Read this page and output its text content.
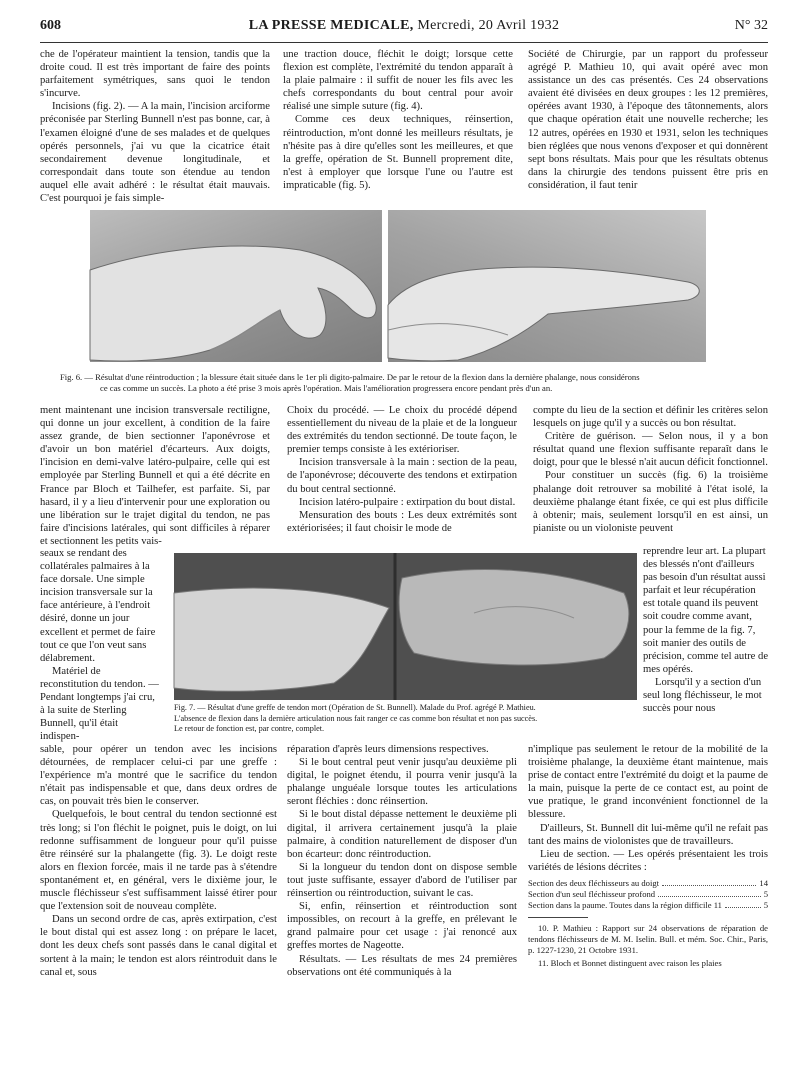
608	LA PRESSE MEDICALE, Mercredi, 20 Avril 1932	N° 32

che de l'opérateur maintient la tension, tandis que la droite coud. Il est très important de faire des points parfaitement symétriques, sans quoi le tendon s'incurve.

Incisions (fig. 2). — A la main, l'incision arciforme préconisée par Sterling Bunnell n'est pas bonne, car, à l'examen éloigné d'une de ses malades et de quelques opérés personnels, j'ai vu que la cicatrice était secondairement devenue longitudinale, et correspondait dans toute son étendue au tendon auquel elle avait adhéré : le résultat était mauvais. C'est pourquoi je fais simple-

une traction douce, fléchit le doigt; lorsque cette flexion est complète, l'extrémité du tendon apparaît à la plaie palmaire : il suffit de nouer les fils avec les chefs correspondants du bout central pour avoir réalisé une simple suture (fig. 4).

Comme ces deux techniques, réinsertion, réintroduction, m'ont donné les meilleurs résultats, je n'hésite pas à dire qu'elles sont les meilleures, et que la greffe, opération de St. Bunnell proprement dite, n'est à employer que lorsque l'une ou l'autre est impraticable (fig. 5).

Société de Chirurgie, par un rapport du professeur agrégé P. Mathieu 10, qui avait opéré avec mon assistance un des cas présentés. Ces 24 observations avaient été divisées en deux groupes : les 12 premières, opérées avant 1930, à l'époque des tâtonnements, alors que chaque opération était une nouvelle recherche; les 12 autres, opérées en 1930 et 1931, selon les techniques bien réglées que nous venons d'exposer et qui donnèrent sept bons résultats. Mais pour que les résultats obtenus dans la chirurgie des tendons puissent être pris en considération, il faut tenir

Fig. 6. — Résultat d'une réintroduction ; la blessure était située dans le 1er pli digito-palmaire. De par le retour de la flexion dans la dernière phalange, nous considérons

ce cas comme un succès. La photo a été prise 3 mois après l'opération. Mais l'amélioration progressera encore pendant près d'un an.

ment maintenant une incision transversale rectiligne, qui donne un jour excellent, à condition de la faire assez grande, de bien sectionner l'aponévrose et d'avoir un bon matériel d'écarteurs. Aux doigts, l'incision en demi-valve latéro-pulpaire, celle qui est employée par Sterling Bunnell et qui a été décrite en France par Bloch et Tailhefer, est parfaite. Si, par hasard, il y a lieu d'intervenir pour une exploration ou une libération sur le trajet digital du tendon, ne pas faire d'incisions latérales, qui sont difficiles à réparer et sectionnent les petits vais-

seaux se rendant des collatérales palmaires à la face dorsale. Une simple incision transversale sur la face antérieure, à l'endroit désiré, donne un jour excellent et permet de faire tout ce que l'on veut sans délabrement.

Matériel de reconstitution du tendon. — Pendant longtemps j'ai cru, à la suite de Sterling Bunnell, qu'il était indispen-

Choix du procédé. — Le choix du procédé dépend essentiellement du niveau de la plaie et de la longueur des extrémités du tendon sectionné. De toute façon, le premier temps consiste à les extérioriser.

Incision transversale à la main : section de la peau, de l'aponévrose; découverte des tendons et extirpation du bout central sectionné.

Incision latéro-pulpaire : extirpation du bout distal.

Mensuration des bouts : Les deux extrémités sont extériorisées; il faut choisir le mode de

compte du lieu de la section et définir les critères selon lesquels on juge qu'il y a succès ou bon résultat.

Critère de guérison. — Selon nous, il y a bon résultat quand une flexion suffisante reparaît dans le doigt, pour que le blessé n'ait aucun déficit fonctionnel.

Pour constituer un succès (fig. 6) la troisième phalange doit retrouver sa mobilité à l'état isolé, la deuxième phalange étant fixée, ce qui est plus difficile à obtenir; mais, seulement lorsqu'il en est ainsi, un pianiste ou un violoniste peuvent

reprendre leur art. La plupart des blessés n'ont d'ailleurs pas besoin d'un résultat aussi parfait et leur récupération est totale quand ils peuvent soit coudre comme avant, pour la femme de la fig. 7, soit manier des outils de précision, comme tel autre de mes opérés.

Lorsqu'il y a section d'un seul long fléchisseur, le mot succès pour nous

Fig. 7. — Résultat d'une greffe de tendon mort (Opération de St. Bunnell). Malade du Prof. agrégé P. Mathieu.

L'absence de flexion dans la dernière articulation nous fait ranger ce cas comme bon résultat et non pas succès.

Le retour de fonction est, par contre, complet.

sable, pour opérer un tendon avec les incisions détournées, de remplacer celui-ci par une greffe : l'expérience m'a montré que le sacrifice du tendon n'était pas indispensable et que, dans deux ordres de cas, on pouvait très bien le conserver.

Quelquefois, le bout central du tendon sectionné est très long; si l'on fléchit le poignet, puis le doigt, on lui redonne suffisamment de longueur pour qu'il puisse être réinséré sur la phalangette (fig. 3). Le doigt reste alors en flexion forcée, mais il ne tarde pas à s'étendre spontanément et, en général, vers le dixième jour, le muscle fléchisseur s'est suffisamment laissé étirer pour que l'extension soit de nouveau complète.

Dans un second ordre de cas, après extirpation, c'est le bout distal qui est assez long : on prépare le lacet, dont les deux chefs sont passés dans le canal digital et sortent à la main; le tendon est alors réintroduit dans le canal et, sous

réparation d'après leurs dimensions respectives.

Si le bout central peut venir jusqu'au deuxième pli digital, le poignet étendu, il pourra venir jusqu'à la phalange unguéale lorsque toutes les articulations seront fléchies : donc réinsertion.

Si le bout distal dépasse nettement le deuxième pli digital, il arrivera certainement jusqu'à la plaie palmaire, à condition naturellement de disposer d'un bon écarteur: donc réintroduction.

Si la longueur du tendon dont on dispose semble tout juste suffisante, essayer d'abord de l'utiliser par réinsertion ou réintroduction, suivant le cas.

Si, enfin, réinsertion et réintroduction sont impossibles, on recourt à la greffe, en prélevant le grand palmaire pour cet usage : j'ai renoncé aux greffes mortes de Nageotte.

Résultats. — Les résultats de mes 24 premières observations ont été communiqués à la

n'implique pas seulement le retour de la mobilité de la troisième phalange, la deuxième étant maintenue, mais prise de contact entre l'extrémité du doigt et la paume de la main, puisque la perte de ce contact est, au point de vue pratique, le grand inconvénient fonctionnel de la blessure.

D'ailleurs, St. Bunnell dit lui-même qu'il ne refait pas tant des mains de violonistes que de travailleurs.

Lieu de section. — Les opérés présentaient les trois variétés de lésions décrites :

Section des deux fléchisseurs au doigt	14
Section d'un seul fléchisseur profond	5
Section dans la paume. Toutes dans la région difficile 11	5

10. P. Mathieu : Rapport sur 24 observations de réparation de tendons fléchisseurs de M. M. Iselin. Bull. et mém. Soc. Chir., Paris, p. 1227-1230, 21 Octobre 1931.

11. Bloch et Bonnet distinguent avec raison les plaies
